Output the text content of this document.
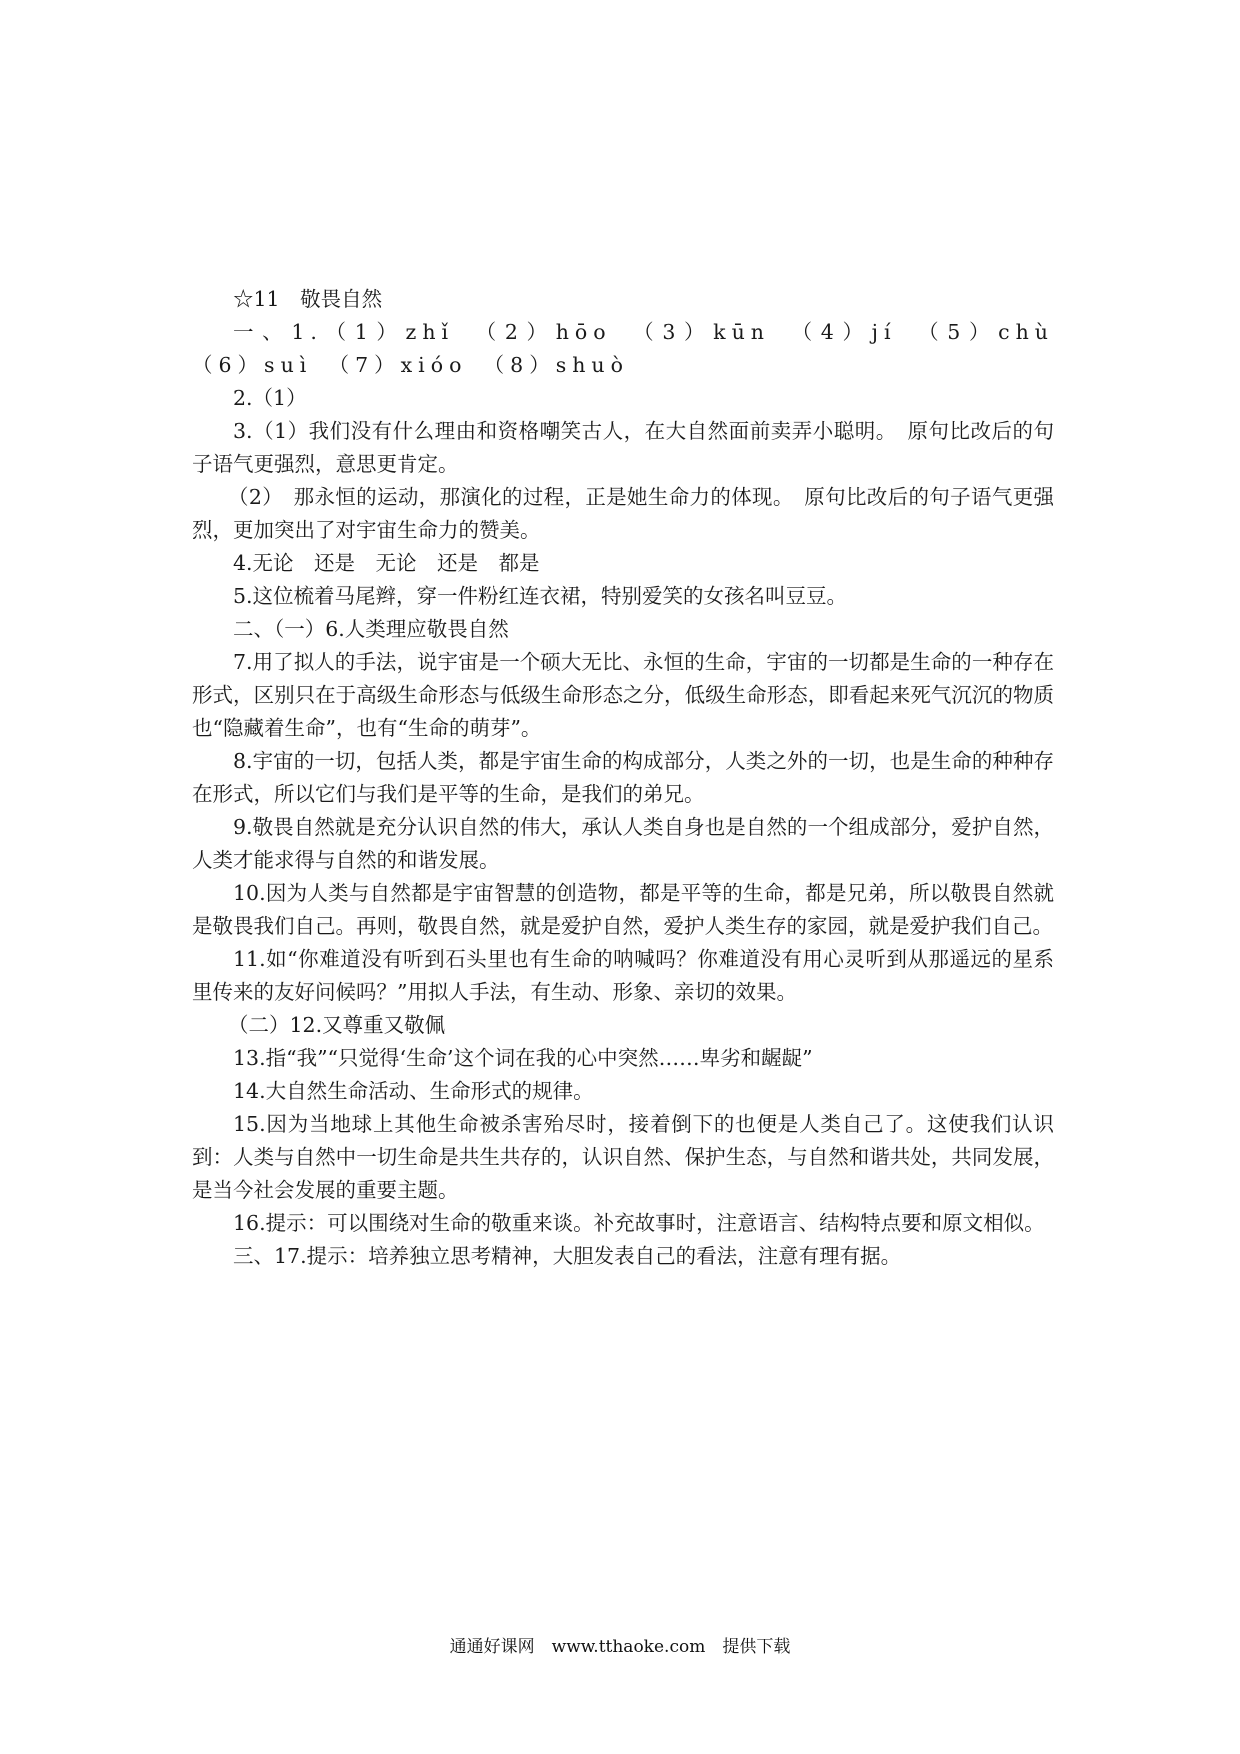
☆11　敬畏自然

一、1.（1）zhǐ　（2）hōo　（3）kūn　（4）jí　（5）chù　（6）suì　（7）xióo　（8）shuò

2.（1）

3.（1）我们没有什么理由和资格嘲笑古人，在大自然面前卖弄小聪明。　原句比改后的句子语气更强烈，意思更肯定。

（2）　那永恒的运动，那演化的过程，正是她生命力的体现。　原句比改后的句子语气更强烈，更加突出了对宇宙生命力的赞美。

4.无论　还是　无论　还是　都是

5.这位梳着马尾辫，穿一件粉红连衣裙，特别爱笑的女孩名叫豆豆。

二、（一）6.人类理应敬畏自然

7.用了拟人的手法，说宇宙是一个硕大无比、永恒的生命，宇宙的一切都是生命的一种存在形式，区别只在于高级生命形态与低级生命形态之分，低级生命形态，即看起来死气沉沉的物质也“隐藏着生命”，也有“生命的萌芽”。

8.宇宙的一切，包括人类，都是宇宙生命的构成部分，人类之外的一切，也是生命的种种存在形式，所以它们与我们是平等的生命，是我们的弟兄。

9.敬畏自然就是充分认识自然的伟大，承认人类自身也是自然的一个组成部分，爱护自然，人类才能求得与自然的和谐发展。

10.因为人类与自然都是宇宙智慧的创造物，都是平等的生命，都是兄弟，所以敬畏自然就是敬畏我们自己。再则，敬畏自然，就是爱护自然，爱护人类生存的家园，就是爱护我们自己。

11.如“你难道没有听到石头里也有生命的呐喊吗？你难道没有用心灵听到从那遥远的星系里传来的友好问候吗？”用拟人手法，有生动、形象、亲切的效果。

（二）12.又尊重又敬佩

13.指“我”“只觉得‘生命’这个词在我的心中突然……卑劣和龌龊”

14.大自然生命活动、生命形式的规律。

15.因为当地球上其他生命被杀害殆尽时，接着倒下的也便是人类自己了。这使我们认识到：人类与自然中一切生命是共生共存的，认识自然、保护生态，与自然和谐共处，共同发展，是当今社会发展的重要主题。

16.提示：可以围绕对生命的敬重来谈。补充故事时，注意语言、结构特点要和原文相似。

三、17.提示：培养独立思考精神，大胆发表自己的看法，注意有理有据。

通通好课网　www.tthaoke.com　提供下载
